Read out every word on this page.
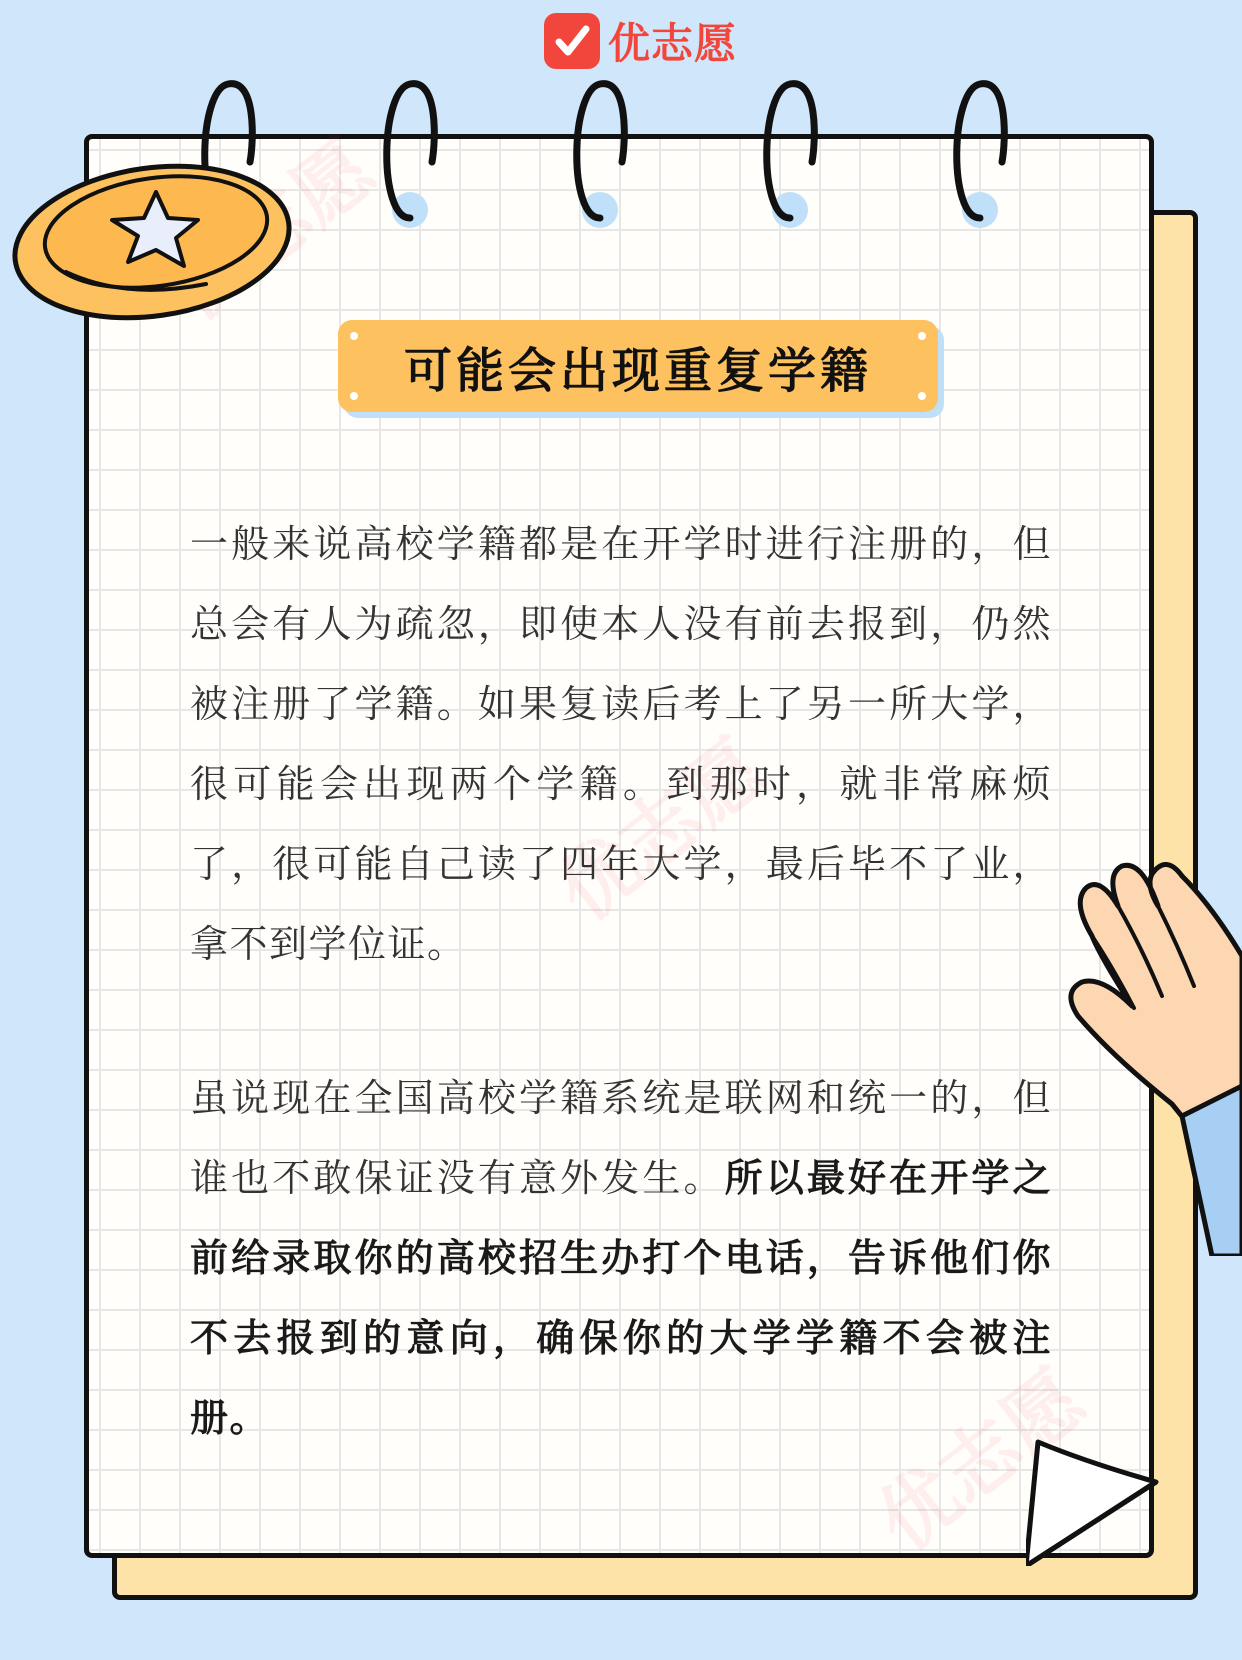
优志愿
可能会出现重复学籍
一般来说高校学籍都是在开学时进行注册的，但总会有人为疏忽，即使本人没有前去报到，仍然被注册了学籍。如果复读后考上了另一所大学，很可能会出现两个学籍。到那时，就非常麻烦了，很可能自己读了四年大学，最后毕不了业，拿不到学位证。
虽说现在全国高校学籍系统是联网和统一的，但谁也不敢保证没有意外发生。所以最好在开学之前给录取你的高校招生办打个电话，告诉他们你不去报到的意向，确保你的大学学籍不会被注册。
